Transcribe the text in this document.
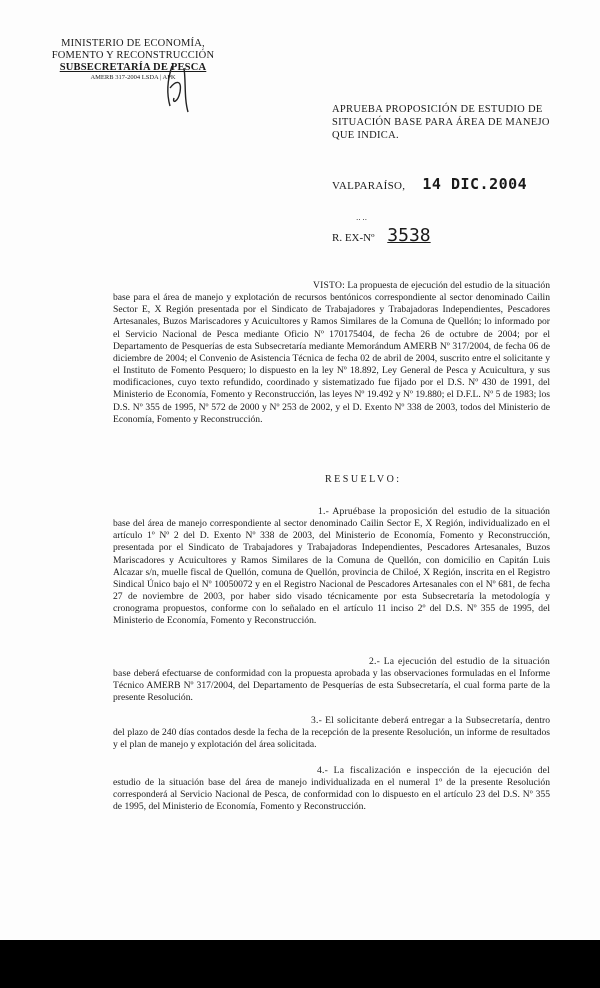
MINISTERIO DE ECONOMÍA,
FOMENTO Y RECONSTRUCCIÓN
SUBSECRETARÍA DE PESCA
AMERB 317-2004 LSDA | APK
APRUEBA PROPOSICIÓN DE ESTUDIO DE
SITUACIÓN BASE PARA ÁREA DE MANEJO
QUE INDICA.
VALPARAÍSO, 14 DIC.2004
‥ ‥
R. EX-Nº 3538

VISTO: La propuesta de ejecución del estudio de la situación base para el área de manejo y explotación de recursos bentónicos correspondiente al sector denominado Cailin Sector E, X Región presentada por el Sindicato de Trabajadores y Trabajadoras Independientes, Pescadores Artesanales, Buzos Mariscadores y Acuicultores y Ramos Similares de la Comuna de Quellón; lo informado por el Servicio Nacional de Pesca mediante Oficio Nº 170175404, de fecha 26 de octubre de 2004; por el Departamento de Pesquerías de esta Subsecretaría mediante Memorándum AMERB Nº 317/2004, de fecha 06 de diciembre de 2004; el Convenio de Asistencia Técnica de fecha 02 de abril de 2004, suscrito entre el solicitante y el Instituto de Fomento Pesquero; lo dispuesto en la ley Nº 18.892, Ley General de Pesca y Acuicultura, y sus modificaciones, cuyo texto refundido, coordinado y sistematizado fue fijado por el D.S. Nº 430 de 1991, del Ministerio de Economía, Fomento y Reconstrucción, las leyes Nº 19.492 y Nº 19.880; el D.F.L. Nº 5 de 1983; los D.S. Nº 355 de 1995, Nº 572 de 2000 y Nº 253 de 2002, y el D. Exento Nº 338 de 2003, todos del Ministerio de Economía, Fomento y Reconstrucción.

RESUELVO:

1.- Apruébase la proposición del estudio de la situación base del área de manejo correspondiente al sector denominado Cailin Sector E, X Región, individualizado en el artículo 1º Nº 2 del D. Exento Nº 338 de 2003, del Ministerio de Economía, Fomento y Reconstrucción, presentada por el Sindicato de Trabajadores y Trabajadoras Independientes, Pescadores Artesanales, Buzos Mariscadores y Acuicultores y Ramos Similares de la Comuna de Quellón, con domicilio en Capitán Luis Alcazar s/n, muelle fiscal de Quellón, comuna de Quellón, provincia de Chiloé, X Región, inscrita en el Registro Sindical Único bajo el Nº 10050072 y en el Registro Nacional de Pescadores Artesanales con el Nº 681, de fecha 27 de noviembre de 2003, por haber sido visado técnicamente por esta Subsecretaría la metodología y cronograma propuestos, conforme con lo señalado en el artículo 11 inciso 2º del D.S. Nº 355 de 1995, del Ministerio de Economía, Fomento y Reconstrucción.

2.- La ejecución del estudio de la situación base deberá efectuarse de conformidad con la propuesta aprobada y las observaciones formuladas en el Informe Técnico AMERB Nº 317/2004, del Departamento de Pesquerías de esta Subsecretaría, el cual forma parte de la presente Resolución.

3.- El solicitante deberá entregar a la Subsecretaría, dentro del plazo de 240 días contados desde la fecha de la recepción de la presente Resolución, un informe de resultados y el plan de manejo y explotación del área solicitada.

4.- La fiscalización e inspección de la ejecución del estudio de la situación base del área de manejo individualizada en el numeral 1º de la presente Resolución corresponderá al Servicio Nacional de Pesca, de conformidad con lo dispuesto en el artículo 23 del D.S. Nº 355 de 1995, del Ministerio de Economía, Fomento y Reconstrucción.
